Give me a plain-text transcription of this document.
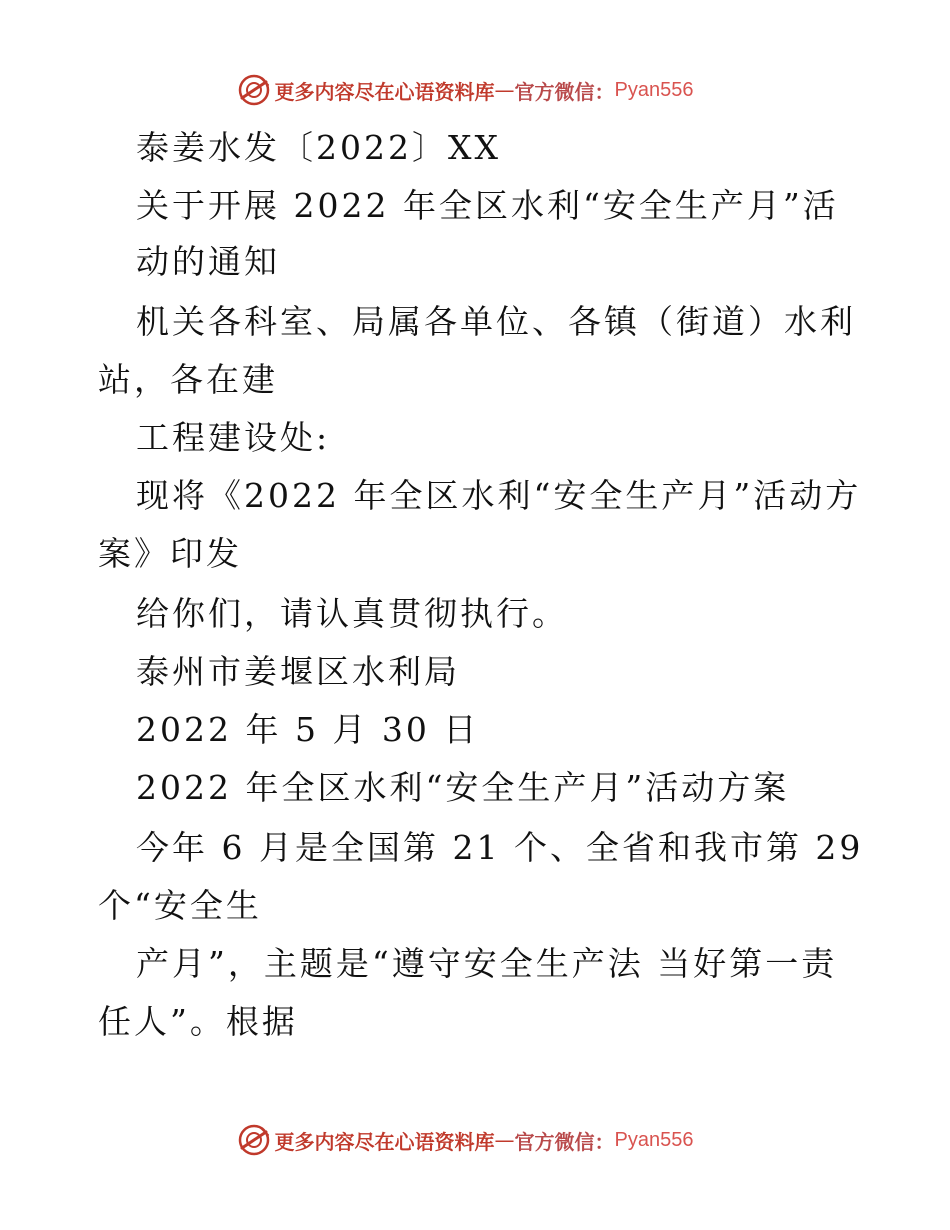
更多内容尽在心语资料库 — 官方微信： Pyan556
泰姜水发〔2022〕XX
关于开展 2022 年全区水利“安全生产月”活
动的通知
机关各科室、局属各单位、各镇（街道）水利
站，各在建
工程建设处:
现将《2022 年全区水利“安全生产月”活动方
案》印发
给你们，请认真贯彻执行。
泰州市姜堰区水利局
2022 年 5 月 30 日
2022 年全区水利“安全生产月”活动方案
今年 6 月是全国第 21 个、全省和我市第 29
个“安全生
产月”，主题是“遵守安全生产法 当好第一责
任人”。根据
更多内容尽在心语资料库 — 官方微信： Pyan556
